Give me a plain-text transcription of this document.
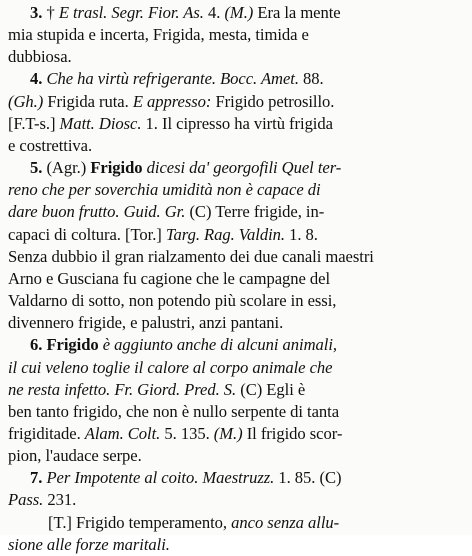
3. † E trasl. Segr. Fior. As. 4. (M.) Era la mente
mia stupida e incerta, Frigida, mesta, timida e
dubbiosa.
4. Che ha virtù refrigerante. Bocc. Amet. 88.
(Gh.) Frigida ruta. E appresso: Frigido petrosillo.
[F.T-s.] Matt. Diosc. 1. Il cipresso ha virtù frigida
e costrettiva.
5. (Agr.) Frigido dicesi da' georgofili Quel ter-
reno che per soverchia umidità non è capace di
dare buon frutto. Guid. Gr. (C) Terre frigide, in-
capaci di coltura. [Tor.] Targ. Rag. Valdin. 1. 8.
Senza dubbio il gran rialzamento dei due canali maestri
Arno e Gusciana fu cagione che le campagne del
Valdarno di sotto, non potendo più scolare in essi,
divennero frigide, e palustri, anzi pantani.
6. Frigido è aggiunto anche di alcuni animali,
il cui veleno toglie il calore al corpo animale che
ne resta infetto. Fr. Giord. Pred. S. (C) Egli è
ben tanto frigido, che non è nullo serpente di tanta
frigiditade. Alam. Colt. 5. 135. (M.) Il frigido scor-
pion, l'audace serpe.
7. Per Impotente al coito. Maestruzz. 1. 85. (C)
Pass. 231.
[T.] Frigido temperamento, anco senza allu-
sione alle forze maritali.
